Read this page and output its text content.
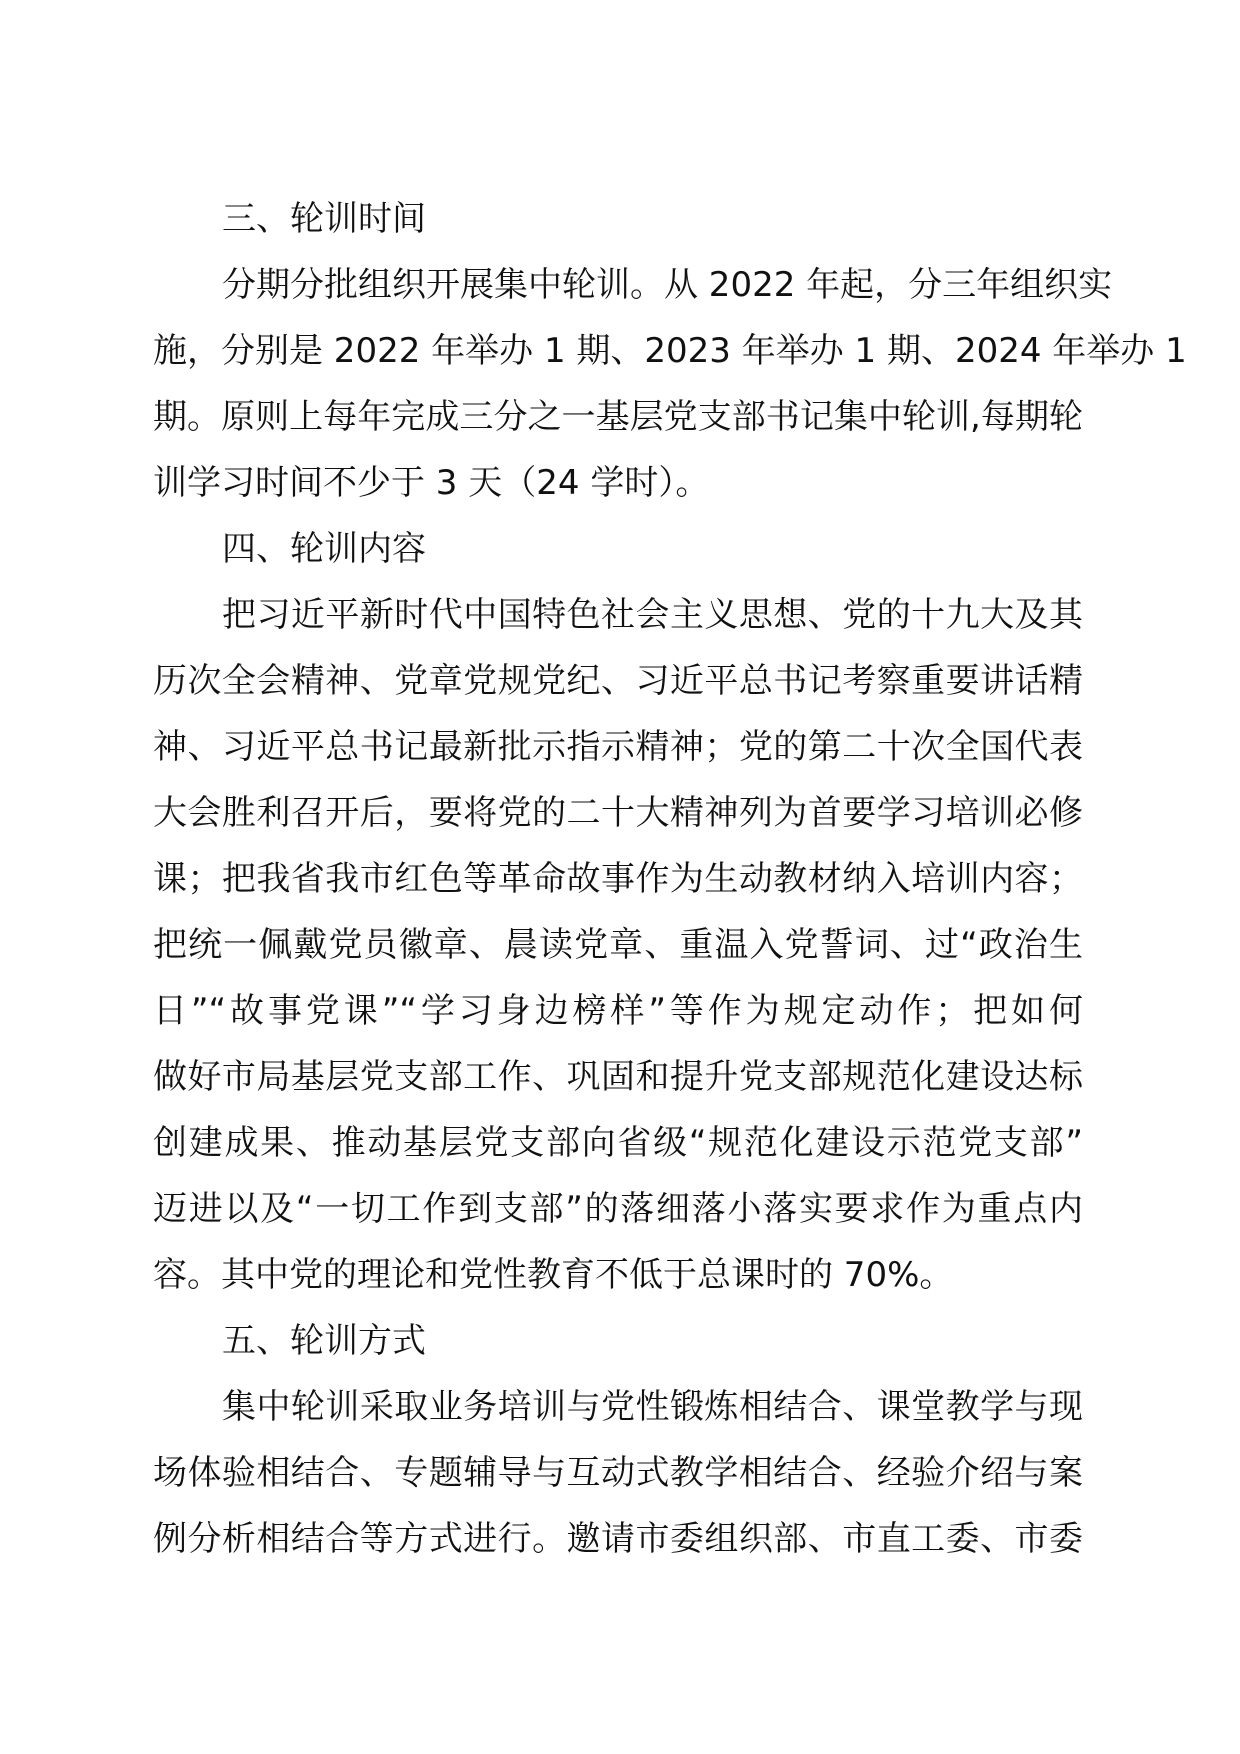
三、轮训时间
分期分批组织开展集中轮训。从 2022 年起，分三年组织实
施，分别是 2022 年举办 1 期、2023 年举办 1 期、2024 年举办 1
期。原则上每年完成三分之一基层党支部书记集中轮训,每期轮
训学习时间不少于 3 天（24 学时）。
四、轮训内容
把习近平新时代中国特色社会主义思想、党的十九大及其
历次全会精神、党章党规党纪、习近平总书记考察重要讲话精
神、习近平总书记最新批示指示精神；党的第二十次全国代表
大会胜利召开后，要将党的二十大精神列为首要学习培训必修
课；把我省我市红色等革命故事作为生动教材纳入培训内容；
把统一佩戴党员徽章、晨读党章、重温入党誓词、过“政治生
日”“故事党课”“学习身边榜样”等作为规定动作；把如何
做好市局基层党支部工作、巩固和提升党支部规范化建设达标
创建成果、推动基层党支部向省级“规范化建设示范党支部”
迈进以及“一切工作到支部”的落细落小落实要求作为重点内
容。其中党的理论和党性教育不低于总课时的 70%。
五、轮训方式
集中轮训采取业务培训与党性锻炼相结合、课堂教学与现
场体验相结合、专题辅导与互动式教学相结合、经验介绍与案
例分析相结合等方式进行。邀请市委组织部、市直工委、市委
